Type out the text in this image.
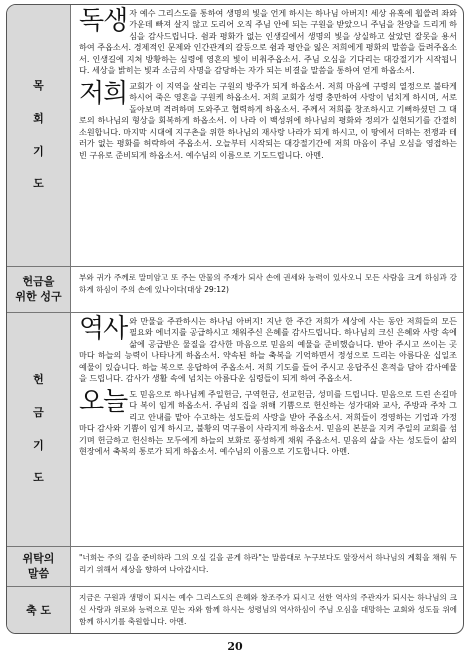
목
회
기
도
독생 자 예수 그리스도를 통하여 생명의 빛을 언게 하시는 하나님 아버지! 세상 유혹에 휩쓸려 좌와 가운데 빠져 살지 않고 도리어 오직 주님 안에 되는 구원을 받았으니 주님을 찬양을 드리게 하심을 감사드립니다. 쉼과 평화가 없는 인생길에서 생명의 빛을 상실하고 살았던 잘못을 용서하여 주옵소서. 경제적인 문제와 인간관계의 갈등으로 쉼과 평안을 잃은 저희에게 평화의 말씀을 들려주옵소서. 인생길에 지쳐 방황하는 심령에 영혼의 빛이 비춰주옵소서. 주님 오심을 기다리는 대강절기가 시작됩니다. 세상을 밝히는 빛과 소금의 사명을 감당하는 자가 되는 비결을 말씀을 통하여 얻게 하옵소서.
저희 교회가 이 지역을 살리는 구원의 방주가 되게 하옵소서. 저희 마음에 구령의 열정으로 불타게 하시어 죽은 영혼을 구원케 하옵소서. 저희 교회가 성령 충만하여 사랑이 넘치게 하시며, 서로 돌아보며 격려하며 도와주고 협력하게 하옵소서. 주께서 저희를 창조하시고 기뻐하셨던 그 대로의 하나님의 형상을 회복하게 하옵소서. 이 나라 이 백성위에 하나님의 평화와 정의가 실현되기를 간절히 소원합니다. 마지막 시대에 지구촌을 위한 하나님의 재사랑 나라가 되게 하시고, 이 땅에서 더하는 전쟁과 테러가 없는 평화를 허락하여 주옵소서. 오늘부터 시작되는 대강절기간에 저희 마음이 주님 오심을 영접하는 빈 구유로 준비되게 하옵소서. 예수님의 이름으로 기도드립니다. 아멘.
헌금을
위한 성구
부와 귀가 주께로 말미암고 또 주는 만물의 주재가 되사 손에 권세와 능력이 있사오니 모든 사람을 크게 하심과 강하게 하심이 주의 손에 있나이다(대상 29:12)
헌
금
기
도
역사 와 만물을 주관하시는 하나님 아버지! 지난 한 주간 저희가 세상에 사는 동안 저희들의 모든 필요와 에너지를 공급하시고 채워주신 은혜를 감사드립니다. 하나님의 크신 은혜와 사랑 속에 삶에 공급받은 물질을 감사한 마음으로 믿음의 예물을 준비했습니다. 받아 주시고 쓰이는 곳마다 하늘의 능력이 나타나게 하옵소서. 약속된 하늘 축복을 기억하면서 정성으로 드리는 아름다운 십일조 예물이 있습니다. 하늘 복으로 응답하여 주옵소서. 저희 기도를 들어 주시고 응답주신 흔적을 담아 감사예물을 드립니다. 감사가 생활 속에 넘치는 아름다운 심령들이 되게 하여 주옵소서.
오늘 도 믿음으로 하나님께 주일헌금, 구역헌금, 선교헌금, 성미를 드립니다. 믿음으로 드린 손길마다 복이 임게 하옵소서. 주님의 집을 위해 기쁨으로 헌신하는 성가대와 교사, 주방과 주차 그리고 안내를 맡아 수고하는 성도들의 사랑을 받아 주옵소서. 저희들이 경영하는 기업과 가정마다 감사와 기쁨이 임게 하시고, 불황의 먹구름이 사라지게 하옵소서. 믿음의 본분을 지켜 주일의 교회를 섬기며 헌금하고 헌신하는 모두에게 하늘의 보화로 풍성하게 채워 주옵소서. 믿음의 삶을 사는 성도들이 삶의 현장에서 축복의 통로가 되게 하옵소서. 예수님의 이름으로 기도합니다. 아멘.
위탁의
말씀
"너희는 주의 길을 준비하라 그의 오실 길을 곧게 하라"는 말씀대로 누구보다도 앞장서서 하나님의 계획을 채워 두리기 위해서 세상을 향하여 나아갑시다.
축 도
지금은 구원과 생명이 되시는 예수 그리스도의 은혜와 창조주가 되시고 선한 역사의 주관자가 되시는 하나님의 크신 사랑과 위로와 능력으로 믿는 자와 함께 하시는 성령님의 역사하심이 주님 오심을 대망하는 교회와 성도들 위에 함께 하시기를 축원합니다. 아멘.
20
